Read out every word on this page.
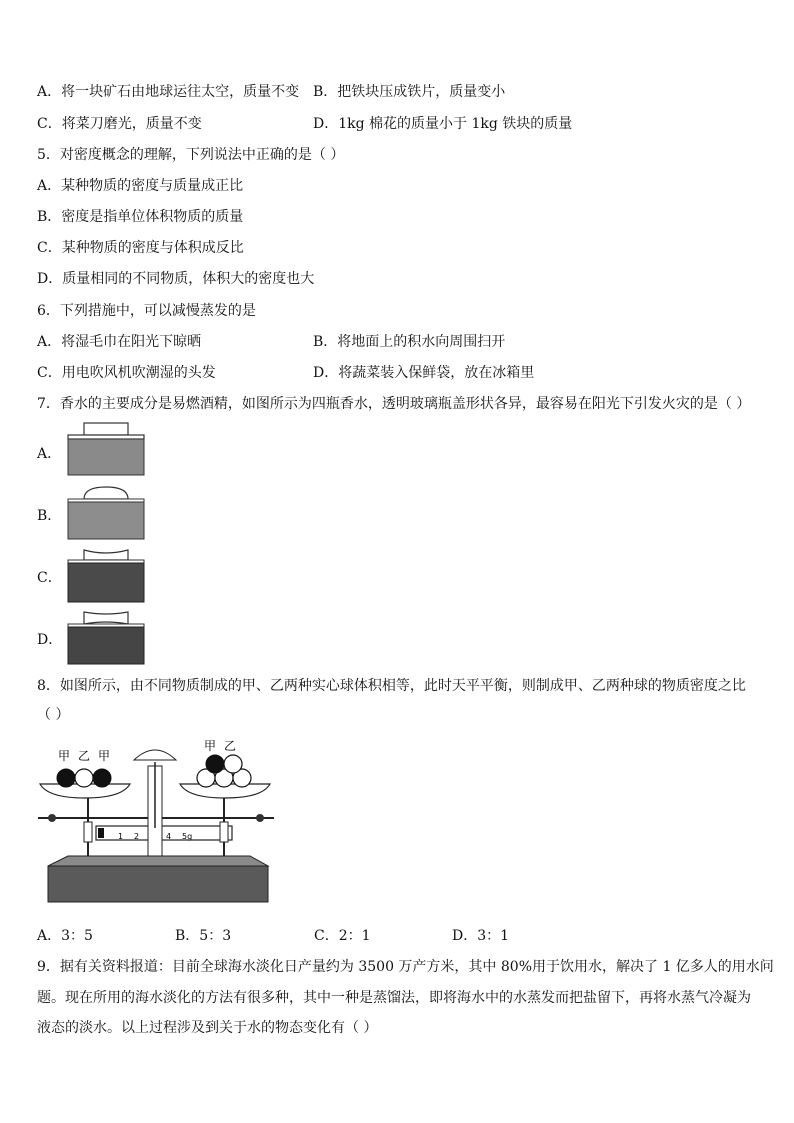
A．将一块矿石由地球运往太空，质量不变 B．把铁块压成铁片，质量变小
C．将菜刀磨光，质量不变	D．1kg 棉花的质量小于 1kg 铁块的质量
5．对密度概念的理解，下列说法中正确的是（ ）
A．某种物质的密度与质量成正比
B．密度是指单位体积物质的质量
C．某种物质的密度与体积成反比
D．质量相同的不同物质，体积大的密度也大
6．下列措施中，可以减慢蒸发的是
A．将湿毛巾在阳光下晾晒	B．将地面上的积水向周围扫开
C．用电吹风机吹潮湿的头发	D．将蔬菜装入保鲜袋，放在冰箱里
7．香水的主要成分是易燃酒精，如图所示为四瓶香水，透明玻璃瓶盖形状各异，最容易在阳光下引发火灾的是（ ）
A．
B．
C．
D．
8．如图所示，由不同物质制成的甲、乙两种实心球体积相等，此时天平平衡，则制成甲、乙两种球的物质密度之比
（ ）
1 2	4 5g
甲 乙 甲
甲 乙
A．3：5	B．5：3	C．2：1	D．3：1
9．据有关资料报道：目前全球海水淡化日产量约为 3500 万产方米，其中 80%用于饮用水，解决了 1 亿多人的用水问
题。现在所用的海水淡化的方法有很多种，其中一种是蒸馏法，即将海水中的水蒸发而把盐留下，再将水蒸气冷凝为
液态的淡水。以上过程涉及到关于水的物态变化有（ ）
